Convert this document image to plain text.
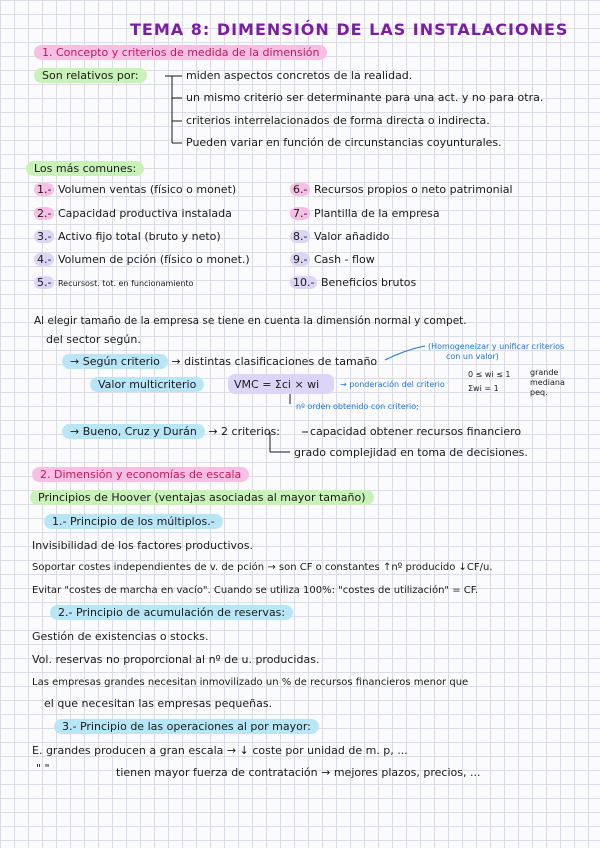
TEMA 8: DIMENSIÓN DE LAS INSTALACIONES
1. Concepto y criterios de medida de la dimensión
Son relativos por:	miden aspectos concretos de la realidad.
un mismo criterio ser determinante para una act. y no para otra.
criterios interrelacionados de forma directa o indirecta.
Pueden variar en función de circunstancias coyunturales.
Los más comunes:
1.- Volumen ventas (físico o monet)
2.- Capacidad productiva instalada
3.- Activo fijo total (bruto y neto)
4.- Volumen de pción (físico o monet.)
5.- Recursost. tot. en funcionamiento
6.- Recursos propios o neto patrimonial
7.- Plantilla de la empresa
8.- Valor añadido
9.- Cash - flow
10.- Beneficios brutos
Al elegir tamaño de la empresa se tiene en cuenta la dimensión normal y compet.
del sector según.
→ Según criterio → distintas clasificaciones de tamaño
(Homogeneizar y unificar criterios
con un valor)
Valor multicriterio	VMC = Σci × wi	→ ponderación del criterio
0 ≤ wi ≤ 1
Σwi = 1
grande mediana peq.
nº orden obtenido con criterio;
→ Bueno, Cruz y Durán → 2 criterios:	capacidad obtener recursos financiero
grado complejidad en toma de decisiones.
2. Dimensión y economías de escala
Principios de Hoover (ventajas asociadas al mayor tamaño)
1.- Principio de los múltiplos.-
Invisibilidad de los factores productivos.
Soportar costes independientes de v. de pción → son CF o constantes ↑nº producido ↓CF/u.
Evitar "costes de marcha en vacío". Cuando se utiliza 100%: "costes de utilización" = CF.
2.- Principio de acumulación de reservas:
Gestión de existencias o stocks.
Vol. reservas no proporcional al nº de u. producidas.
Las empresas grandes necesitan inmovilizado un % de recursos financieros menor que
el que necesitan las empresas pequeñas.
3.- Principio de las operaciones al por mayor:
E. grandes producen a gran escala → ↓ coste por unidad de m. p, ...
" "	tienen mayor fuerza de contratación → mejores plazos, precios, ...
